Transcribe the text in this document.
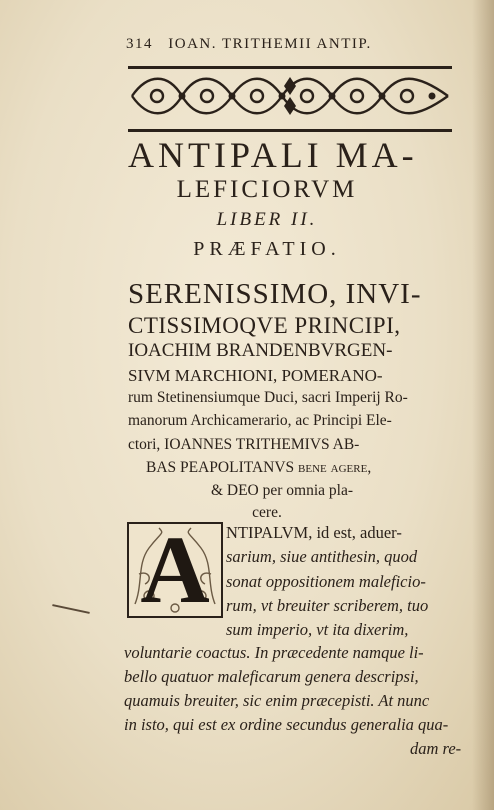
314 IOAN. TRITHEMII ANTIP.
ANTIPALI MA-
LEFICIORVM
LIBER II.
PRÆFATIO.
SERENISSIMO, INVI-
CTISSIMOQVE PRINCIPI,
IOACHIM BRANDENBVRGEN-
SIVM MARCHIONI, POMERANO-
rum Stetinensiumque Duci, sacri Imperij Ro-
manorum Archicamerario, ac Principi Ele-
ctori, IOANNES TRITHEMIVS AB-
BAS PEAPOLITANVS bene agere,
& DEO per omnia pla-
cere.
A NTIPALVM, id est, aduer-
sarium, siue antithesin, quod
sonat oppositionem maleficio-
rum, vt breuiter scriberem, tuo
sum imperio, vt ita dixerim,
voluntarie coactus. In præcedente namque li-
bello quatuor maleficarum genera descripsi,
quamuis breuiter, sic enim præcepisti. At nunc
in isto, qui est ex ordine secundus generalia qua-
dam re-
